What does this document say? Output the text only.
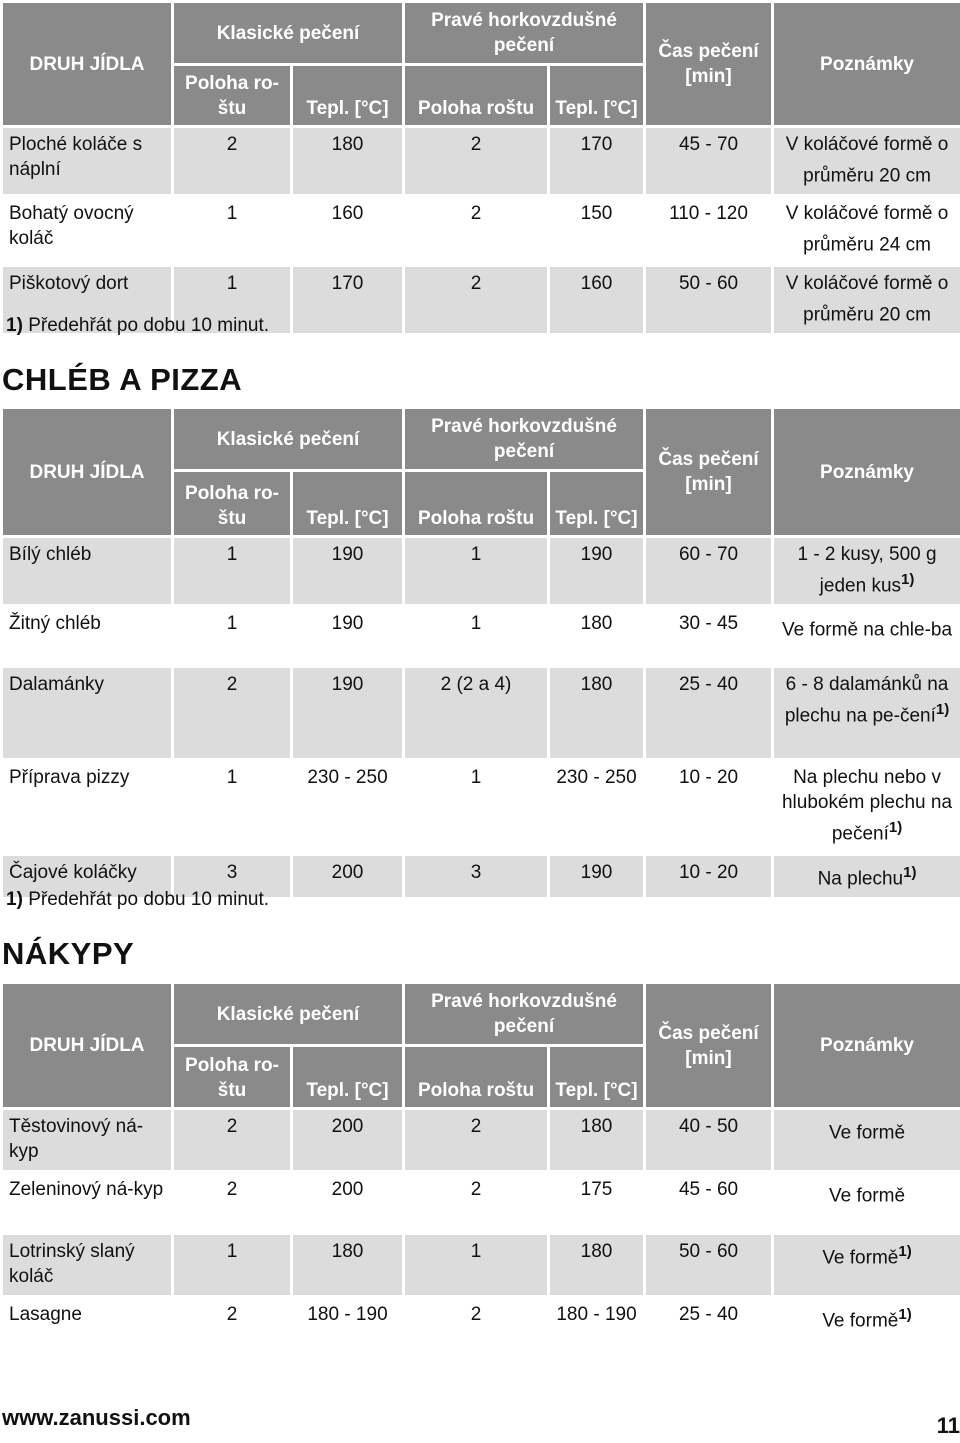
DRUH JÍDLA	Klasické pečení		Pravé horkovzdušné pečení		Čas pečení [min]	Poznámky
	Poloha ro-štu	Tepl. [°C]	Poloha roštu	Tepl. [°C]		
Ploché koláče s náplní	2	180	2	170	45 - 70	V koláčové formě o průměru 20 cm
Bohatý ovocný koláč	1	160	2	150	110 - 120	V koláčové formě o průměru 24 cm
Piškotový dort	1	170	2	160	50 - 60	V koláčové formě o průměru 20 cm
1) Předehřát po dobu 10 minut.
CHLÉB A PIZZA
DRUH JÍDLA	Klasické pečení		Pravé horkovzdušné pečení		Čas pečení [min]	Poznámky
	Poloha ro-štu	Tepl. [°C]	Poloha roštu	Tepl. [°C]		
Bílý chléb	1	190	1	190	60 - 70	1 - 2 kusy, 500 g jeden kus$^{1)}$
Žitný chléb	1	190	1	180	30 - 45	Ve formě na chle-ba
Dalamánky	2	190	2 (2 a 4)	180	25 - 40	6 - 8 dalamánků na plechu na pe-čení$^{1)}$
Příprava pizzy	1	230 - 250	1	230 - 250	10 - 20	Na plechu nebo v hlubokém plechu na pečení$^{1)}$
Čajové koláčky	3	200	3	190	10 - 20	Na plechu$^{1)}$
1) Předehřát po dobu 10 minut.
NÁKYPY
DRUH JÍDLA	Klasické pečení		Pravé horkovzdušné pečení		Čas pečení [min]	Poznámky
	Poloha ro-štu	Tepl. [°C]	Poloha roštu	Tepl. [°C]		
Těstovinový ná-kyp	2	200	2	180	40 - 50	Ve formě
Zeleninový ná-kyp	2	200	2	175	45 - 60	Ve formě
Lotrinský slaný koláč	1	180	1	180	50 - 60	Ve formě$^{1)}$
Lasagne	2	180 - 190	2	180 - 190	25 - 40	Ve formě$^{1)}$
www.zanussi.com	11
